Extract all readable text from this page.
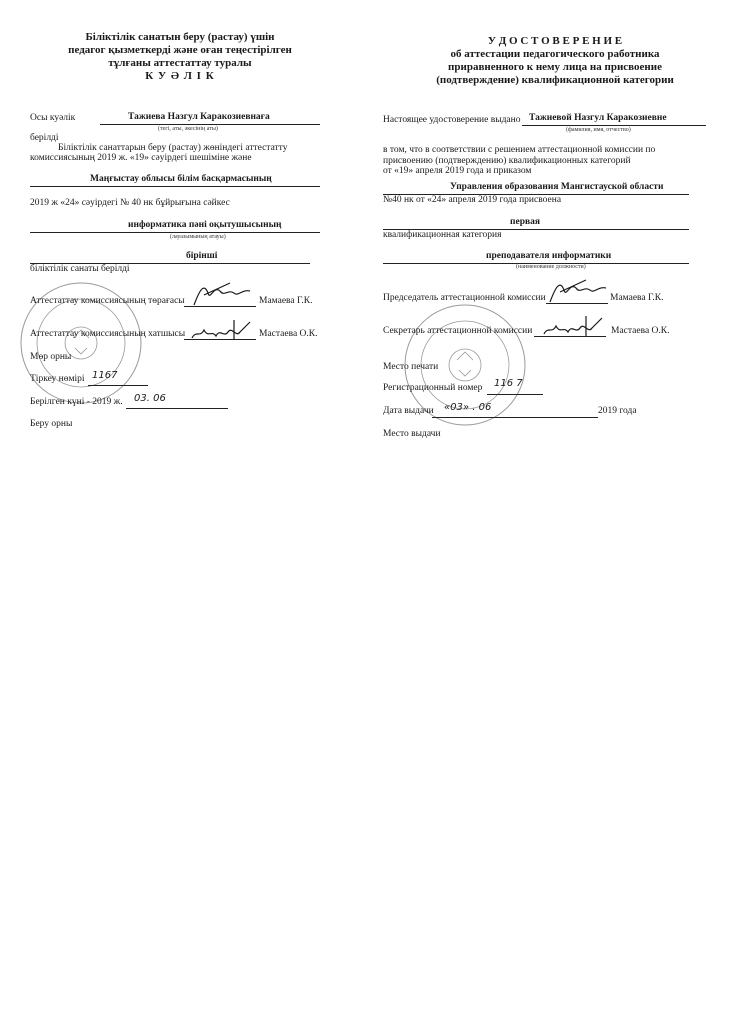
Біліктілік санатын беру (растау) үшін
педагог қызметкерді және оған теңестірілген
тұлғаны аттестаттау туралы
К У Ә Л І К
Осы куәлік	Тажиева Назгул Каракозиевнаға
(тегі, аты, әкесінің аты)
берілді
Біліктілік санаттарын беру (растау) жөніндегі аттестатту
комиссиясының 2019 ж. «19» сәуірдегі шешіміне және
Маңғыстау облысы білім басқармасының
2019 ж «24» сәуірдегі № 40 нк бұйрығына сәйкес
информатика пәні оқытушысының
(лауазымының атауы)
бірінші
біліктілік санаты берілді
Аттестаттау комиссиясының төрағасы	Мамаева Г.К.
Аттестаттау комиссиясының хатшысы	Мастаева О.К.
Мөр орны
Тіркеу нөмірі 1167
Берілген күні - 2019 ж. 03. 06
Беру орны
У Д О С Т О В Е Р Е Н И Е
об аттестации педагогического работника
приравненного к нему лица на присвоение
(подтверждение) квалификационной категории
Настоящее удостоверение выдано Тажиевой Назгул Каракозиевне
(фамилия, имя, отчество)
в том, что в соответствии с решением аттестационной комиссии по
присвоению (подтверждению) квалификационных категорий
от «19» апреля 2019 года и приказом
Управления образования Мангистауской области
№40 нк от «24» апреля 2019 года присвоена
первая
квалификационная категория
преподавателя информатики
(наименование должности)
Председатель аттестационной комиссии	Мамаева Г.К.
Секретарь аттестационной комиссии	Мастаева О.К.
Место печати
Регистрационный номер 116 7
Дата выдачи «03» . 06	2019 года
Место выдачи
